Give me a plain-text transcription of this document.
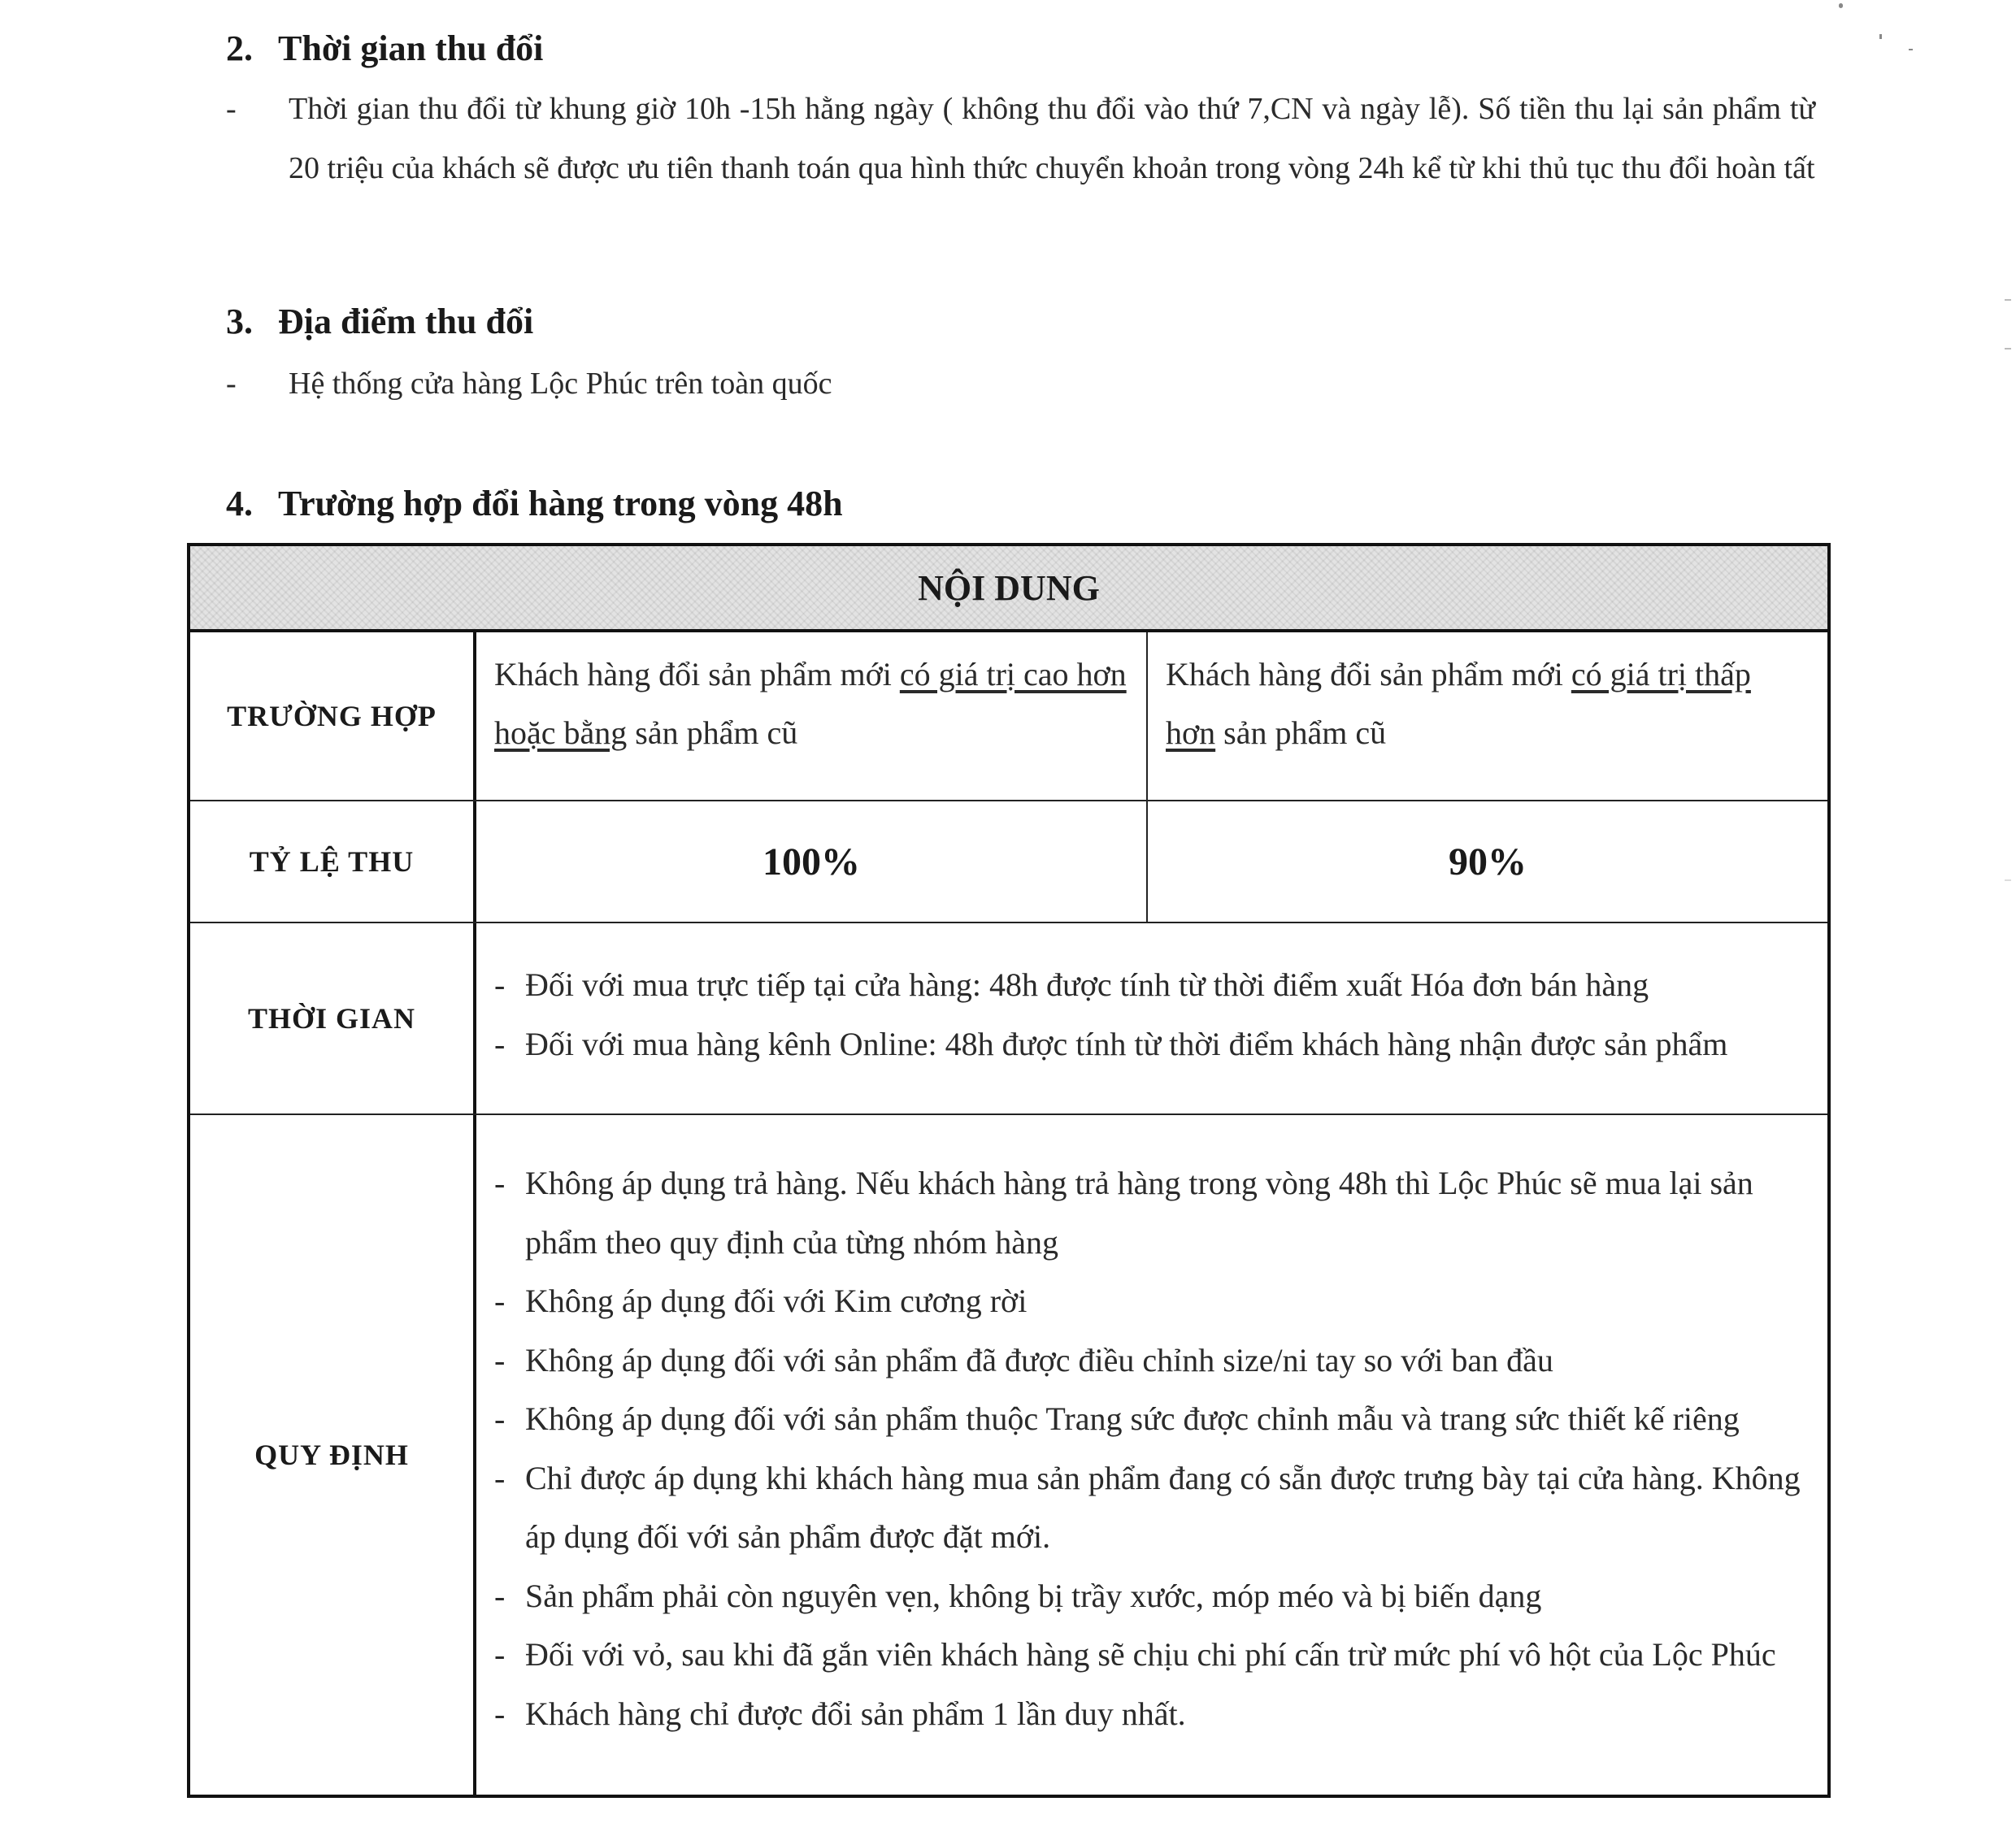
2. Thời gian thu đổi
- Thời gian thu đổi từ khung giờ 10h -15h hằng ngày ( không thu đổi vào thứ 7,CN và ngày lễ). Số tiền thu lại sản phẩm từ 20 triệu của khách sẽ được ưu tiên thanh toán qua hình thức chuyển khoản trong vòng 24h kể từ khi thủ tục thu đổi hoàn tất
3. Địa điểm thu đổi
- Hệ thống cửa hàng Lộc Phúc trên toàn quốc
4. Trường hợp đổi hàng trong vòng 48h
NỘI DUNG
TRƯỜNG HỢP
Khách hàng đổi sản phẩm mới có giá trị cao hơn hoặc bằng sản phẩm cũ
Khách hàng đổi sản phẩm mới có giá trị thấp hơn sản phẩm cũ
TỶ LỆ THU	100%	90%
THỜI GIAN
- Đối với mua trực tiếp tại cửa hàng: 48h được tính từ thời điểm xuất Hóa đơn bán hàng
- Đối với mua hàng kênh Online: 48h được tính từ thời điểm khách hàng nhận được sản phẩm
QUY ĐỊNH
- Không áp dụng trả hàng. Nếu khách hàng trả hàng trong vòng 48h thì Lộc Phúc sẽ mua lại sản phẩm theo quy định của từng nhóm hàng
- Không áp dụng đối với Kim cương rời
- Không áp dụng đối với sản phẩm đã được điều chỉnh size/ni tay so với ban đầu
- Không áp dụng đối với sản phẩm thuộc Trang sức được chỉnh mẫu và trang sức thiết kế riêng
- Chỉ được áp dụng khi khách hàng mua sản phẩm đang có sẵn được trưng bày tại cửa hàng. Không áp dụng đối với sản phẩm được đặt mới.
- Sản phẩm phải còn nguyên vẹn, không bị trầy xước, móp méo và bị biến dạng
- Đối với vỏ, sau khi đã gắn viên khách hàng sẽ chịu chi phí cấn trừ mức phí vô hột của Lộc Phúc
- Khách hàng chỉ được đổi sản phẩm 1 lần duy nhất.
